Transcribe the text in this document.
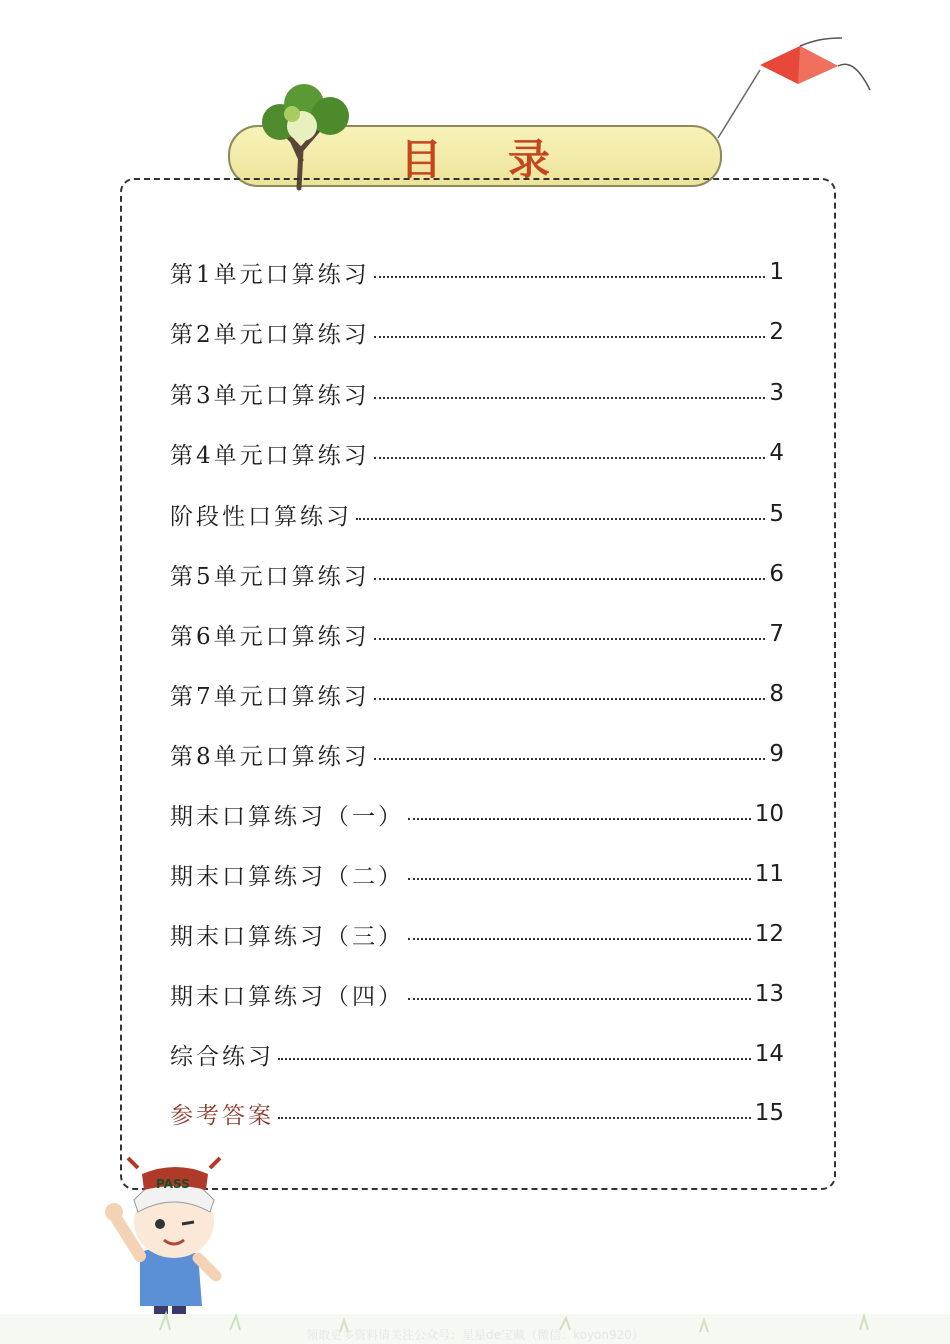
目 录
第1单元口算练习	1
第2单元口算练习	2
第3单元口算练习	3
第4单元口算练习	4
阶段性口算练习	5
第5单元口算练习	6
第6单元口算练习	7
第7单元口算练习	8
第8单元口算练习	9
期末口算练习（一）	10
期末口算练习（二）	11
期末口算练习（三）	12
期末口算练习（四）	13
综合练习	14
参考答案	15
PASS
领取更多资料请关注公众号：星星de宝藏（微信：koyon920）
